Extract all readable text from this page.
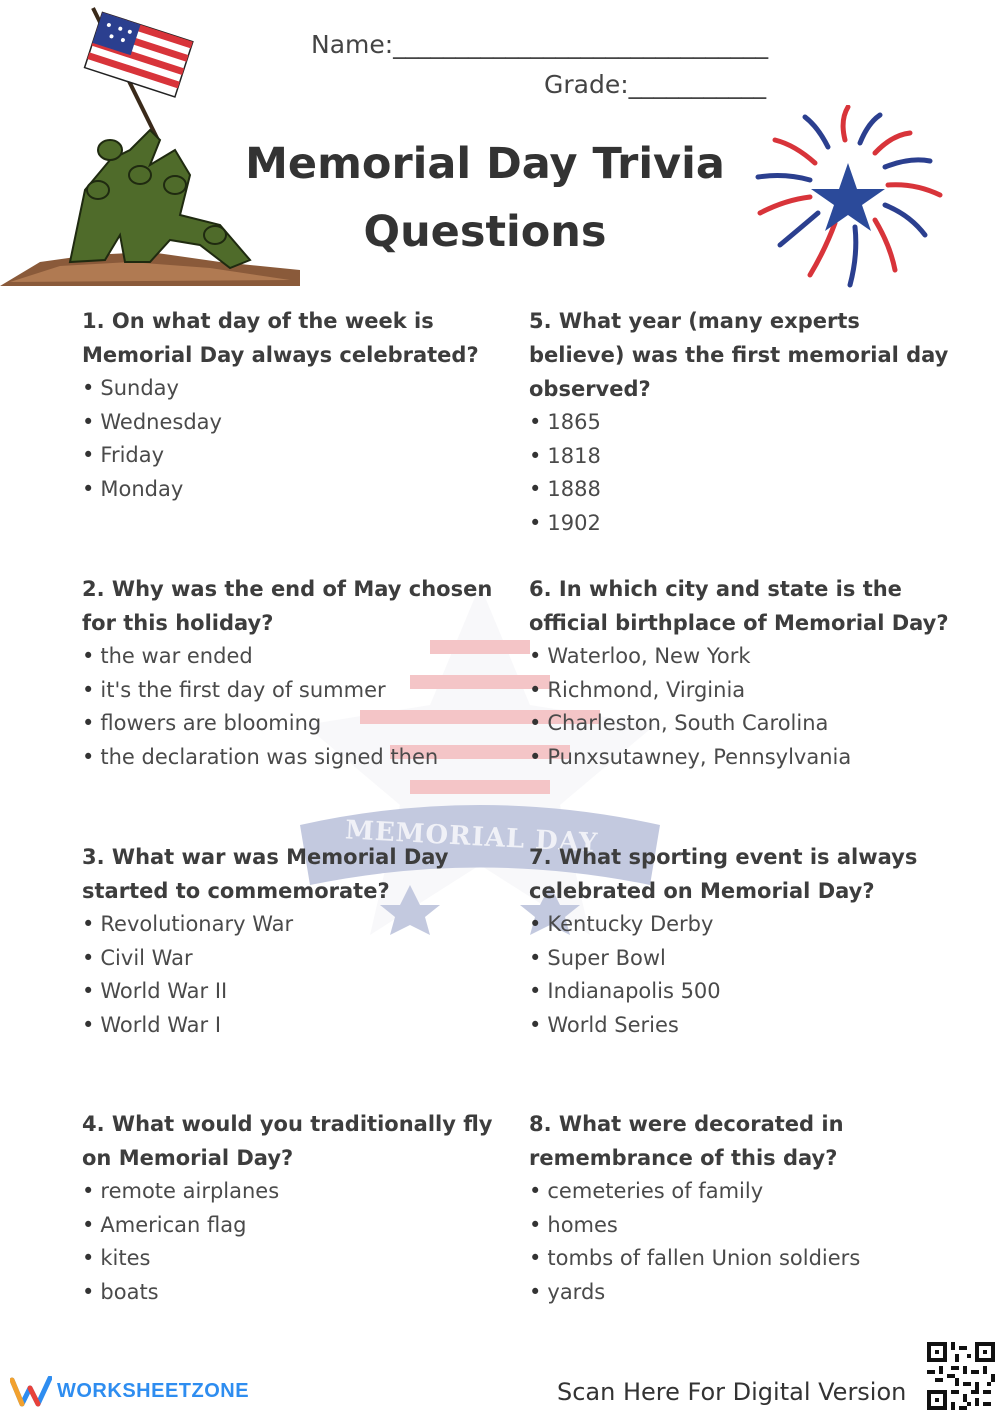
MEMORIAL DAY
Name:______________________________
Grade:___________
Memorial Day Trivia
Questions
1. On what day of the week is Memorial Day always celebrated?
• Sunday
• Wednesday
• Friday
• Monday
2. Why was the end of May chosen for this holiday?
• the war ended
• it's the first day of summer
• flowers are blooming
• the declaration was signed then
3. What war was Memorial Day started to commemorate?
• Revolutionary War
• Civil War
• World War II
• World War I
4. What would you traditionally fly on Memorial Day?
• remote airplanes
• American flag
• kites
• boats
5. What year (many experts believe) was the first memorial day observed?
• 1865
• 1818
• 1888
• 1902
6. In which city and state is the official birthplace of Memorial Day?
• Waterloo, New York
• Richmond, Virginia
• Charleston, South Carolina
• Punxsutawney, Pennsylvania
7. What sporting event is always celebrated on Memorial Day?
• Kentucky Derby
• Super Bowl
• Indianapolis 500
• World Series
8. What were decorated in remembrance of this day?
• cemeteries of family
• homes
• tombs of fallen Union soldiers
• yards
WORKSHEETZONE	Scan Here For Digital Version
